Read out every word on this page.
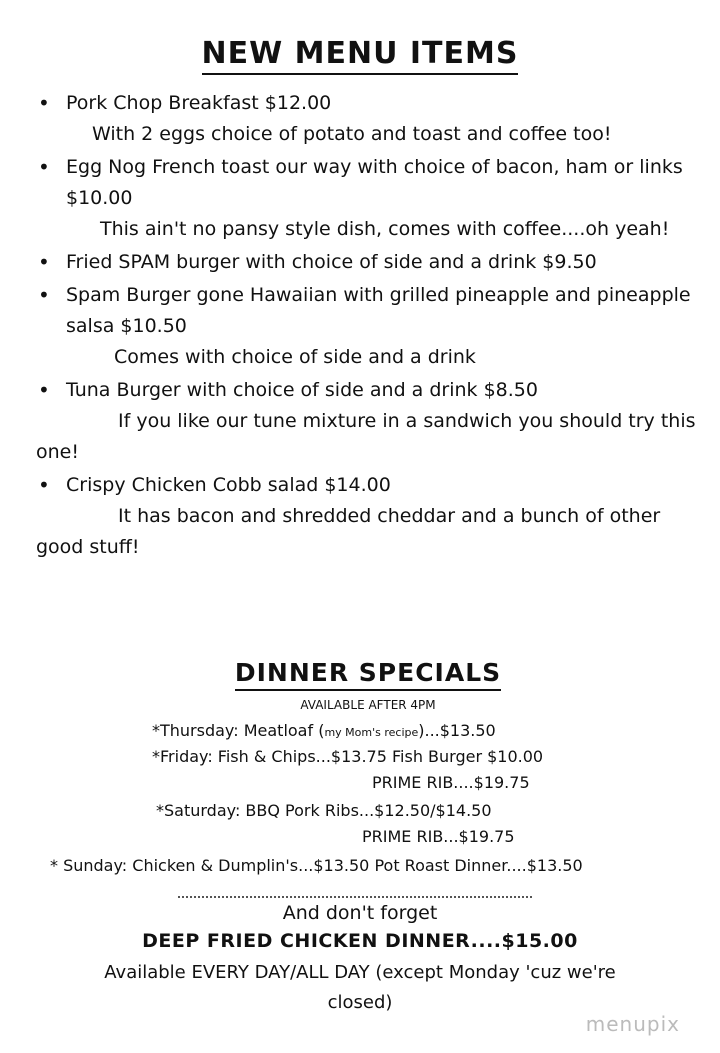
NEW MENU ITEMS
• Pork Chop Breakfast $12.00
With 2 eggs choice of potato and toast and coffee too!
• Egg Nog French toast our way with choice of bacon, ham or links $10.00
This ain't no pansy style dish, comes with coffee....oh yeah!
• Fried SPAM burger with choice of side and a drink $9.50
• Spam Burger gone Hawaiian with grilled pineapple and pineapple salsa $10.50
Comes with choice of side and a drink
• Tuna Burger with choice of side and a drink $8.50
If you like our tune mixture in a sandwich you should try this one!
• Crispy Chicken Cobb salad $14.00
It has bacon and shredded cheddar and a bunch of other good stuff!
DINNER SPECIALS
AVAILABLE AFTER 4PM
*Thursday: Meatloaf (my Mom's recipe)...$13.50
*Friday: Fish & Chips...$13.75 Fish Burger $10.00
PRIME RIB....$19.75
*Saturday: BBQ Pork Ribs...$12.50/$14.50
PRIME RIB...$19.75
* Sunday: Chicken & Dumplin's...$13.50 Pot Roast Dinner....$13.50
And don't forget
DEEP FRIED CHICKEN DINNER....$15.00
Available EVERY DAY/ALL DAY (except Monday 'cuz we're
closed)
menupix
